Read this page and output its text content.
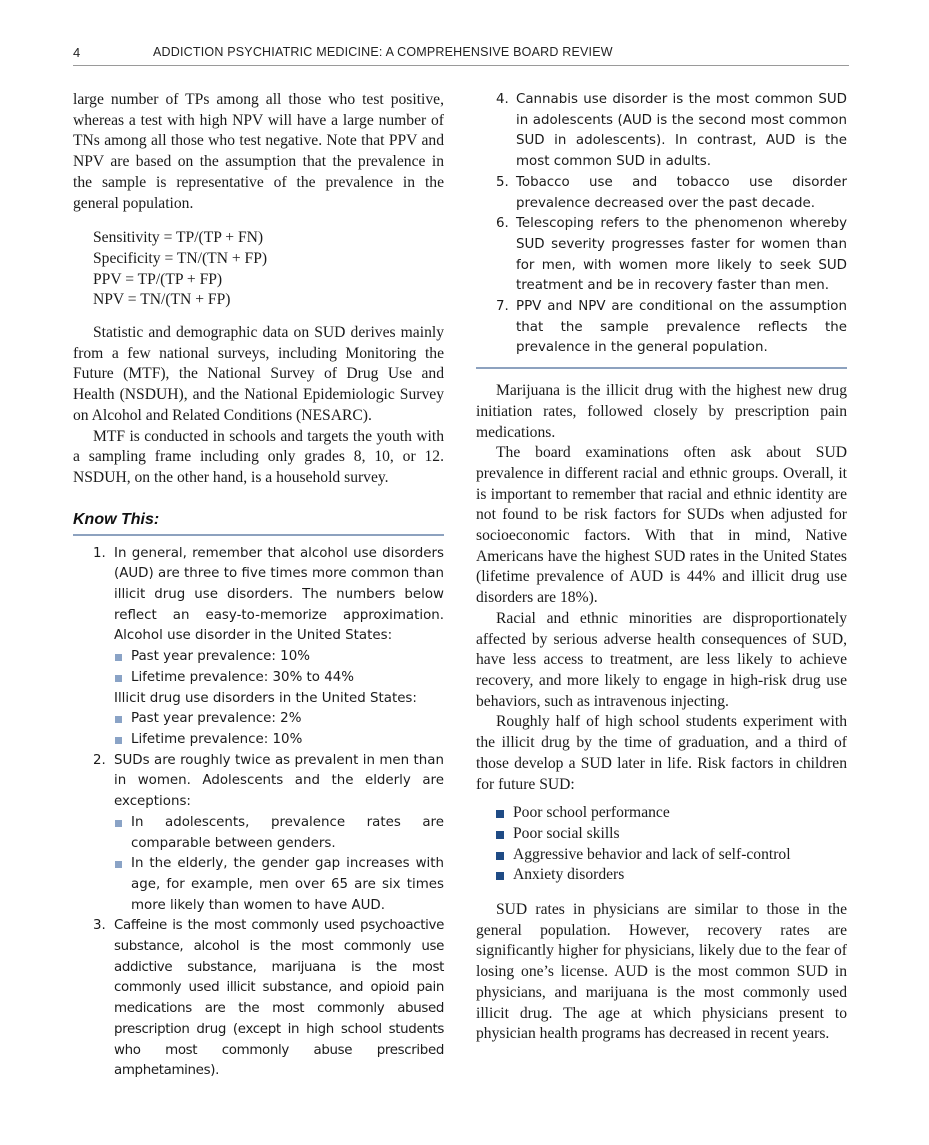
4	ADDICTION PSYCHIATRIC MEDICINE: A COMPREHENSIVE BOARD REVIEW

large number of TPs among all those who test positive, whereas a test with high NPV will have a large number of TNs among all those who test negative. Note that PPV and NPV are based on the assumption that the prevalence in the sample is representative of the prevalence in the general population.

Sensitivity = TP/(TP + FN)
Specificity = TN/(TN + FP)
PPV = TP/(TP + FP)
NPV = TN/(TN + FP)

Statistic and demographic data on SUD derives mainly from a few national surveys, including Monitoring the Future (MTF), the National Survey of Drug Use and Health (NSDUH), and the National Epidemiologic Survey on Alcohol and Related Conditions (NESARC).

MTF is conducted in schools and targets the youth with a sampling frame including only grades 8, 10, or 12. NSDUH, on the other hand, is a household survey.

Know This:
1. In general, remember that alcohol use disorders (AUD) are three to five times more common than illicit drug use disorders. The numbers below reflect an easy-to-memorize approximation. Alcohol use disorder in the United States:
Past year prevalence: 10%
Lifetime prevalence: 30% to 44%
Illicit drug use disorders in the United States:
Past year prevalence: 2%
Lifetime prevalence: 10%
2. SUDs are roughly twice as prevalent in men than in women. Adolescents and the elderly are exceptions:
In adolescents, prevalence rates are comparable between genders.
In the elderly, the gender gap increases with age, for example, men over 65 are six times more likely than women to have AUD.
3. Caffeine is the most commonly used psychoactive substance, alcohol is the most commonly use addictive substance, marijuana is the most commonly used illicit substance, and opioid pain medications are the most commonly abused prescription drug (except in high school students who most commonly abuse prescribed amphetamines).
4. Cannabis use disorder is the most common SUD in adolescents (AUD is the second most common SUD in adolescents). In contrast, AUD is the most common SUD in adults.
5. Tobacco use and tobacco use disorder prevalence decreased over the past decade.
6. Telescoping refers to the phenomenon whereby SUD severity progresses faster for women than for men, with women more likely to seek SUD treatment and be in recovery faster than men.
7. PPV and NPV are conditional on the assumption that the sample prevalence reflects the prevalence in the general population.

Marijuana is the illicit drug with the highest new drug initiation rates, followed closely by prescription pain medications.

The board examinations often ask about SUD prevalence in different racial and ethnic groups. Overall, it is important to remember that racial and ethnic identity are not found to be risk factors for SUDs when adjusted for socioeconomic factors. With that in mind, Native Americans have the highest SUD rates in the United States (lifetime prevalence of AUD is 44% and illicit drug use disorders are 18%).

Racial and ethnic minorities are disproportionately affected by serious adverse health consequences of SUD, have less access to treatment, are less likely to achieve recovery, and more likely to engage in high-risk drug use behaviors, such as intravenous injecting.

Roughly half of high school students experiment with the illicit drug by the time of graduation, and a third of those develop a SUD later in life. Risk factors in children for future SUD:

Poor school performance
Poor social skills
Aggressive behavior and lack of self-control
Anxiety disorders

SUD rates in physicians are similar to those in the general population. However, recovery rates are significantly higher for physicians, likely due to the fear of losing one’s license. AUD is the most common SUD in physicians, and marijuana is the most commonly used illicit drug. The age at which physicians present to physician health programs has decreased in recent years.
